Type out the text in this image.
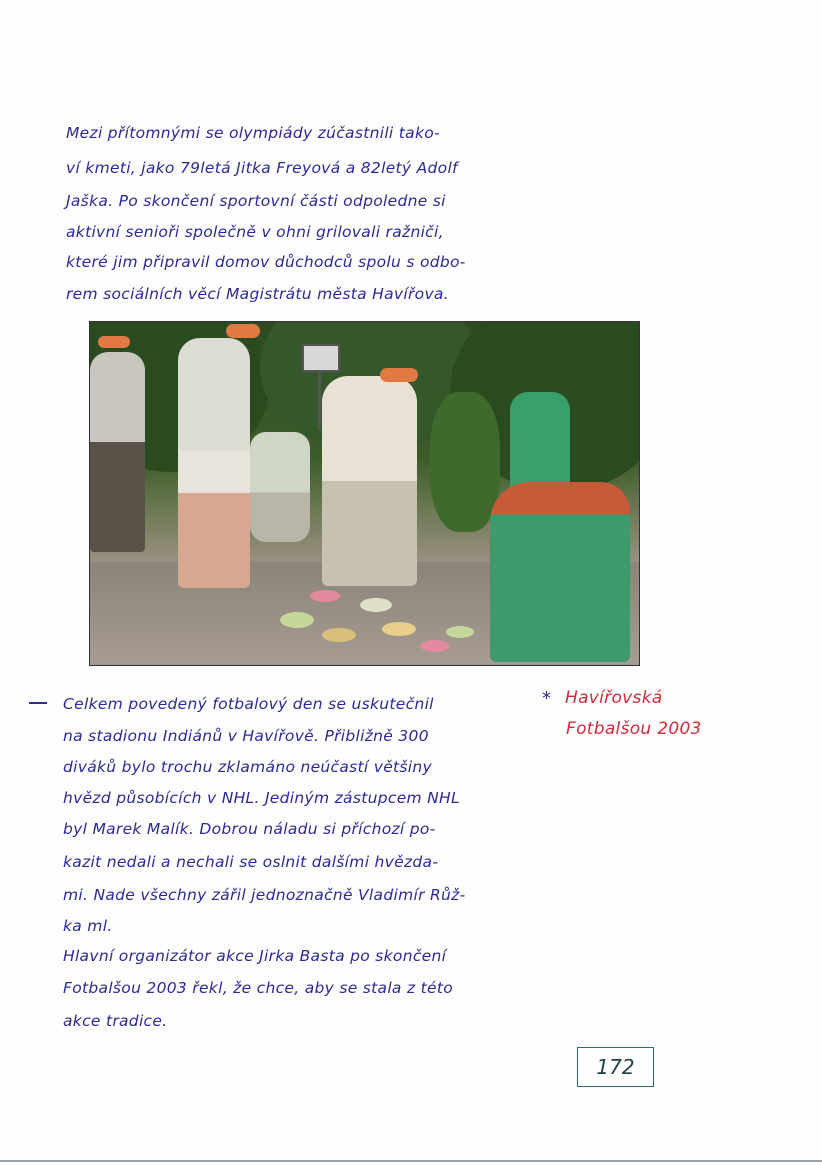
Mezi přítomnými se olympiády zúčastnili tako-
ví kmeti, jako 79letá Jitka Freyová a 82letý Adolf
Jaška. Po skončení sportovní části odpoledne si
aktivní senioři společně v ohni grilovali ražniči,
které jim připravil domov důchodců spolu s odbo-
rem sociálních věcí Magistrátu města Havířova.
Celkem povedený fotbalový den se uskutečnil
na stadionu Indiánů v Havířově. Přibližně 300
diváků bylo trochu zklamáno neúčastí většiny
hvězd působících v NHL. Jediným zástupcem NHL
byl Marek Malík. Dobrou náladu si příchozí po-
kazit nedali a nechali se oslnit dalšími hvězda-
mi. Nade všechny zářil jednoznačně Vladimír Růž-
ka ml.
Hlavní organizátor akce Jirka Basta po skončení
Fotbalšou 2003 řekl, že chce, aby se stala z této
akce tradice.
* Havířovská
Fotbalšou 2003
172
